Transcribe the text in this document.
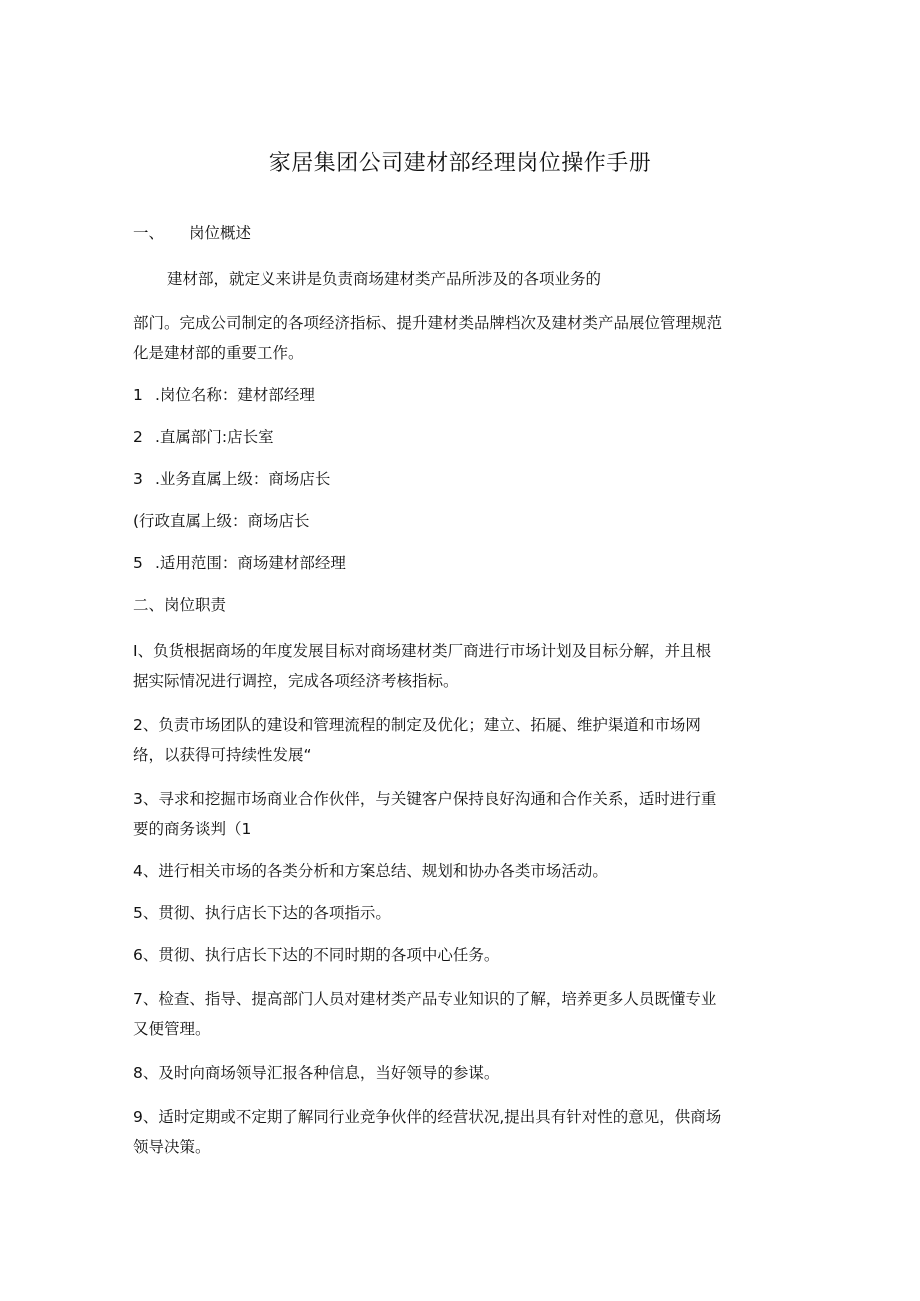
家居集团公司建材部经理岗位操作手册

一、 岗位概述

建材部，就定义来讲是负责商场建材类产品所涉及的各项业务的

部门。完成公司制定的各项经济指标、提升建材类品牌档次及建材类产品展位管理规范

化是建材部的重要工作。

1 .岗位名称：建材部经理

2 .直属部门:店长室

3 .业务直属上级：商场店长

(行政直属上级：商场店长

5 .适用范围：商场建材部经理

二、岗位职责

I、负货根据商场的年度发展目标对商场建材类厂商进行市场计划及目标分解，并且根

据实际情况进行调控，完成各项经济考核指标。

2、负责市场团队的建设和管理流程的制定及优化；建立、拓屣、维护渠道和市场网

络，以获得可持续性发展“

3、寻求和挖掘市场商业合作伙伴，与关键客户保持良好沟通和合作关系，适时进行重

要的商务谈判（1

4、进行相关市场的各类分析和方案总结、规划和协办各类市场活动。

5、贯彻、执行店长下达的各项指示。

6、贯彻、执行店长下达的不同时期的各项中心任务。

7、检查、指导、提高部门人员对建材类产品专业知识的了解，培养更多人员既懂专业

又便管理。

8、及时向商场领导汇报各种信息，当好领导的参谋。

9、适时定期或不定期了解同行业竞争伙伴的经营状况,提出具有针对性的意见，供商场

领导决策。
